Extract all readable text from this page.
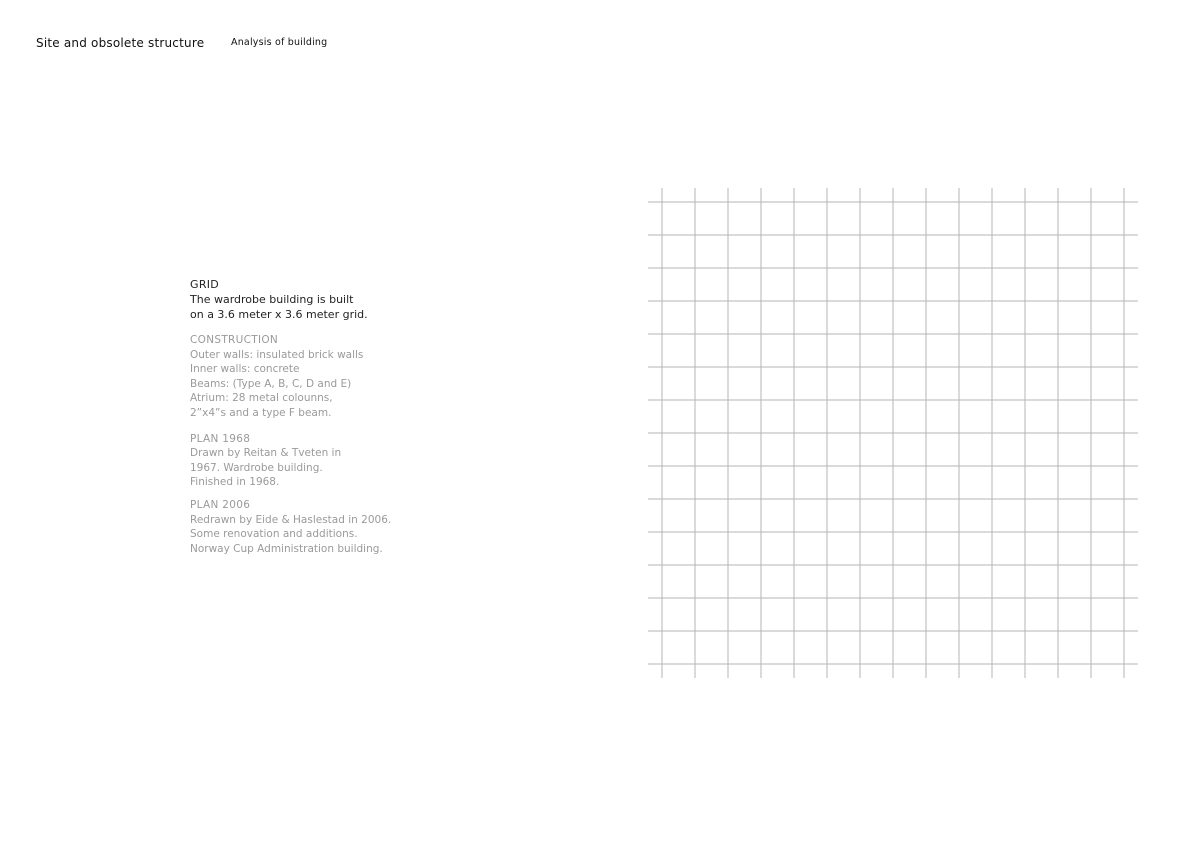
Site and obsolete structure	Analysis of building

GRID

The wardrobe building is built

on a 3.6 meter x 3.6 meter grid.

CONSTRUCTION

Outer walls: insulated brick walls

Inner walls: concrete

Beams: (Type A, B, C, D and E)

Atrium: 28 metal colounns,

2”x4”s and a type F beam.

PLAN 1968

Drawn by Reitan & Tveten in

1967. Wardrobe building.

Finished in 1968.

PLAN 2006

Redrawn by Eide & Haslestad in 2006.

Some renovation and additions.

Norway Cup Administration building.
